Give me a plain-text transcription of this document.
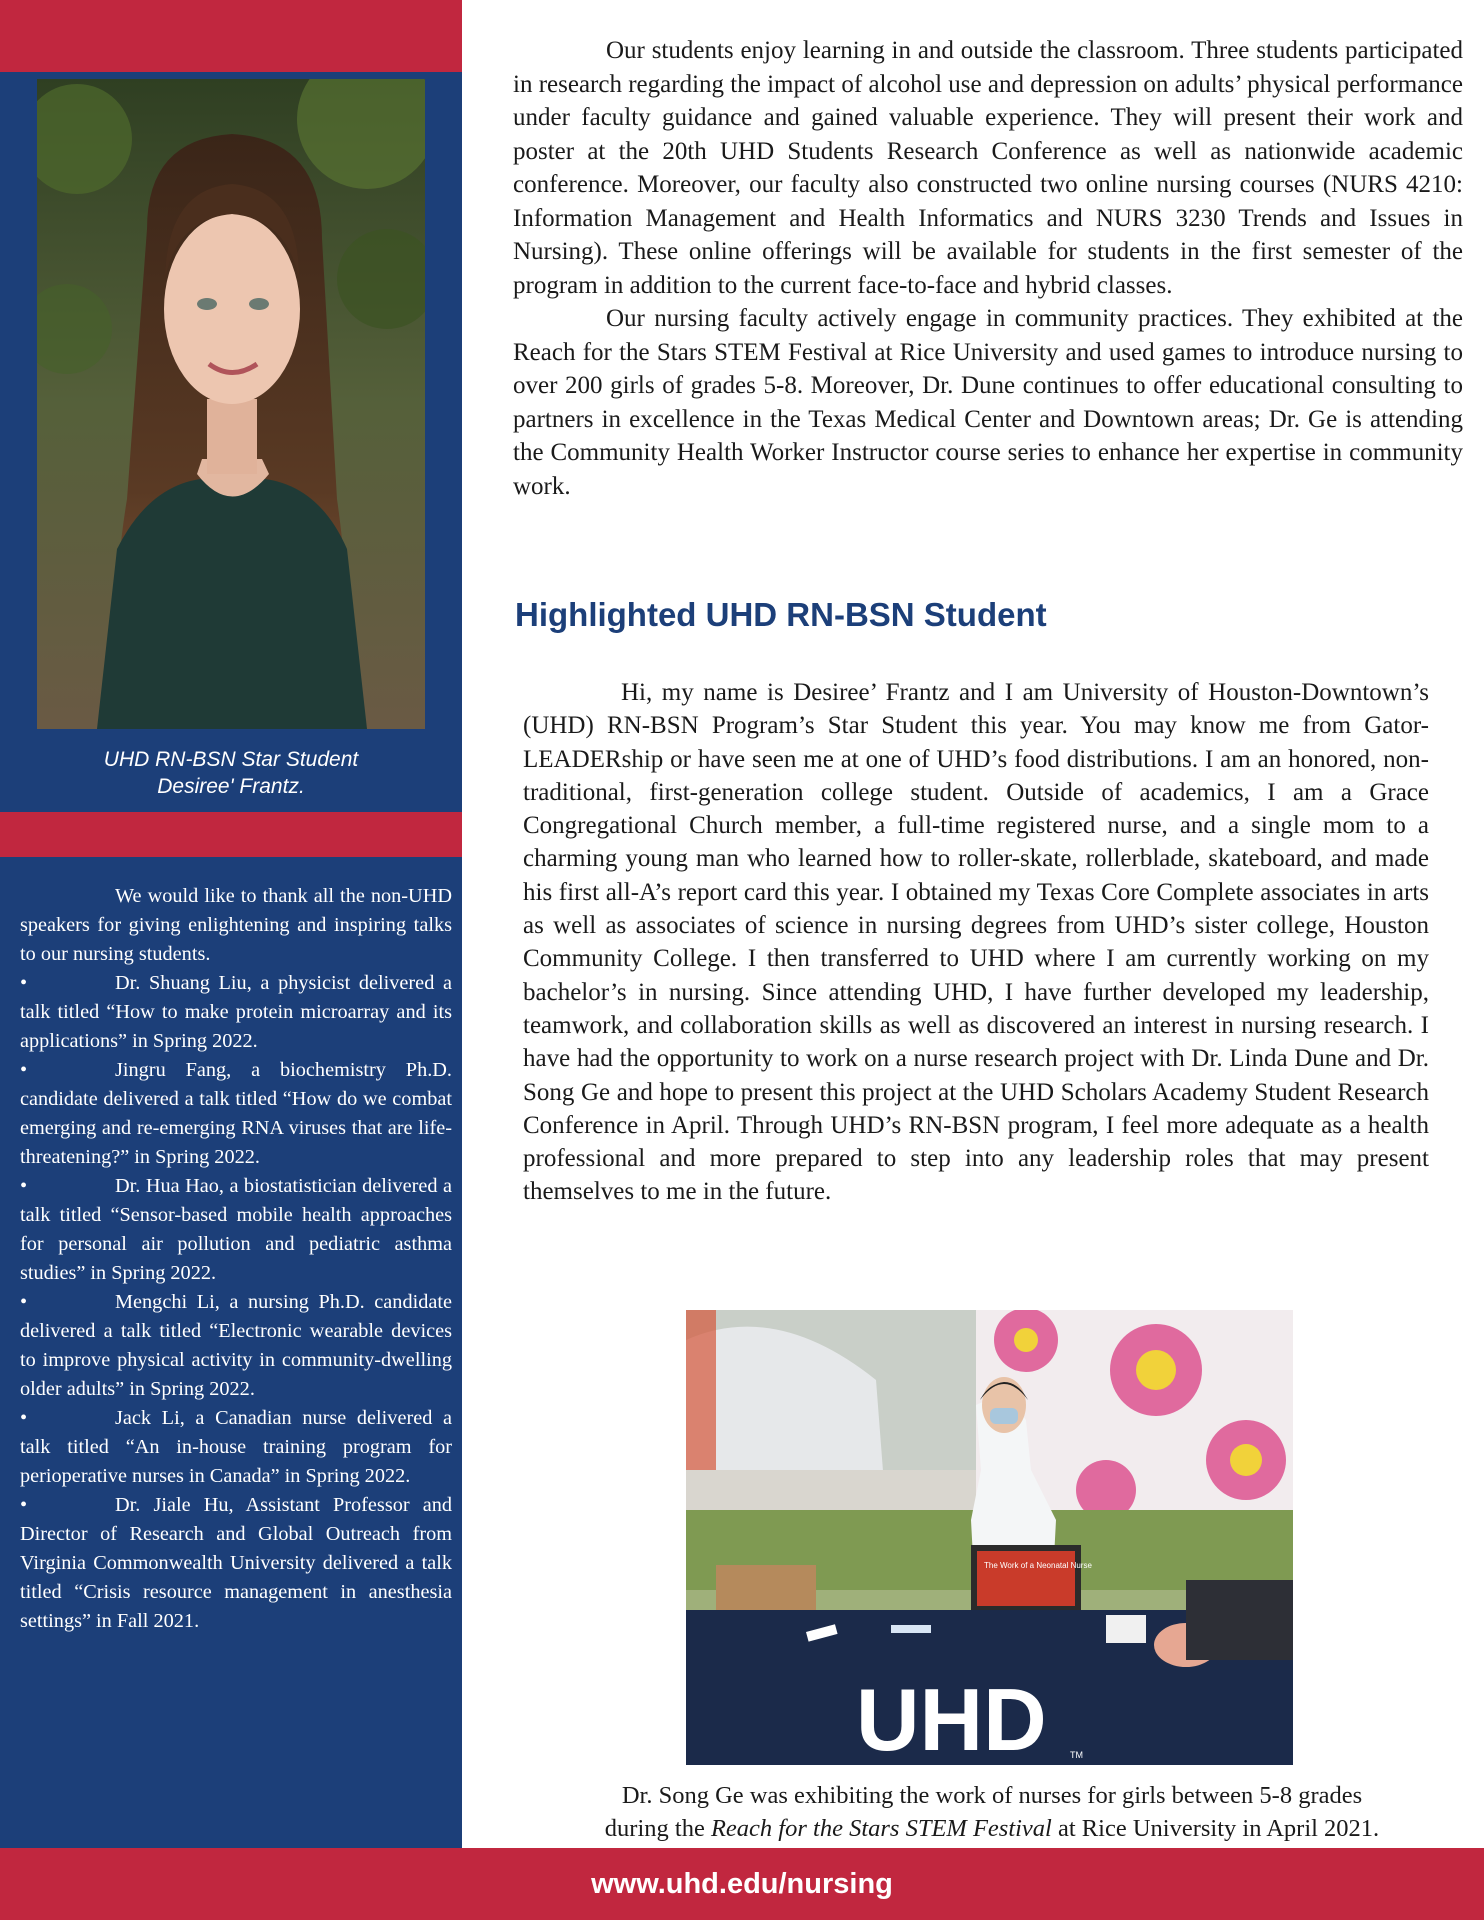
UHD RN-BSN Star Student
Desiree' Frantz.

We would like to thank all the non-UHD speakers for giving enlightening and inspiring talks to our nursing students.

•	Dr. Shuang Liu, a physicist delivered a talk titled “How to make protein microarray and its applications” in Spring 2022.

•	Jingru Fang, a biochemistry Ph.D. candidate delivered a talk titled “How do we combat emerging and re-emerging RNA viruses that are life-threatening?” in Spring 2022.

•	Dr. Hua Hao, a biostatistician delivered a talk titled “Sensor-based mobile health approaches for personal air pollution and pediatric asthma studies” in Spring 2022.

•	Mengchi Li, a nursing Ph.D. candidate delivered a talk titled “Electronic wearable devices to improve physical activity in community-dwelling older adults” in Spring 2022.

•	Jack Li, a Canadian nurse delivered a talk titled “An in-house training program for perioperative nurses in Canada” in Spring 2022.

•	Dr. Jiale Hu, Assistant Professor and Director of Research and Global Outreach from Virginia Commonwealth University delivered a talk titled “Crisis resource management in anesthesia settings” in Fall 2021.

Our students enjoy learning in and outside the classroom. Three students participated in research regarding the impact of alcohol use and depression on adults’ physical performance under faculty guidance and gained valuable experience. They will present their work and poster at the 20th UHD Students Research Conference as well as nationwide academic conference. Moreover, our faculty also constructed two online nursing courses (NURS 4210: Information Management and Health Informatics and NURS 3230 Trends and Issues in Nursing). These online offerings will be available for students in the first semester of the program in addition to the current face-to-face and hybrid classes.

Our nursing faculty actively engage in community practices. They exhibited at the Reach for the Stars STEM Festival at Rice University and used games to introduce nursing to over 200 girls of grades 5-8. Moreover, Dr. Dune continues to offer educational consulting to partners in excellence in the Texas Medical Center and Downtown areas; Dr. Ge is attending the Community Health Worker Instructor course series to enhance her expertise in community work.

Highlighted UHD RN-BSN Student

Hi, my name is Desiree’ Frantz and I am University of Houston-Downtown’s (UHD) RN-BSN Program’s Star Student this year. You may know me from Gator-LEADERship or have seen me at one of UHD’s food distributions. I am an honored, non-traditional, first-generation college student. Outside of academics, I am a Grace Congregational Church member, a full-time registered nurse, and a single mom to a charming young man who learned how to roller-skate, rollerblade, skateboard, and made his first all-A’s report card this year. I obtained my Texas Core Complete associates in arts as well as associates of science in nursing degrees from UHD’s sister college, Houston Community College. I then transferred to UHD where I am currently working on my bachelor’s in nursing. Since attending UHD, I have further developed my leadership, teamwork, and collaboration skills as well as discovered an interest in nursing research. I have had the opportunity to work on a nurse research project with Dr. Linda Dune and Dr. Song Ge and hope to present this project at the UHD Scholars Academy Student Research Conference in April. Through UHD’s RN-BSN program, I feel more adequate as a health professional and more prepared to step into any leadership roles that may present themselves to me in the future.

The Work of a Neonatal Nurse
UHD	TM
Dr. Song Ge was exhibiting the work of nurses for girls between 5-8 grades
during the Reach for the Stars STEM Festival at Rice University in April 2021.
www.uhd.edu/nursing
